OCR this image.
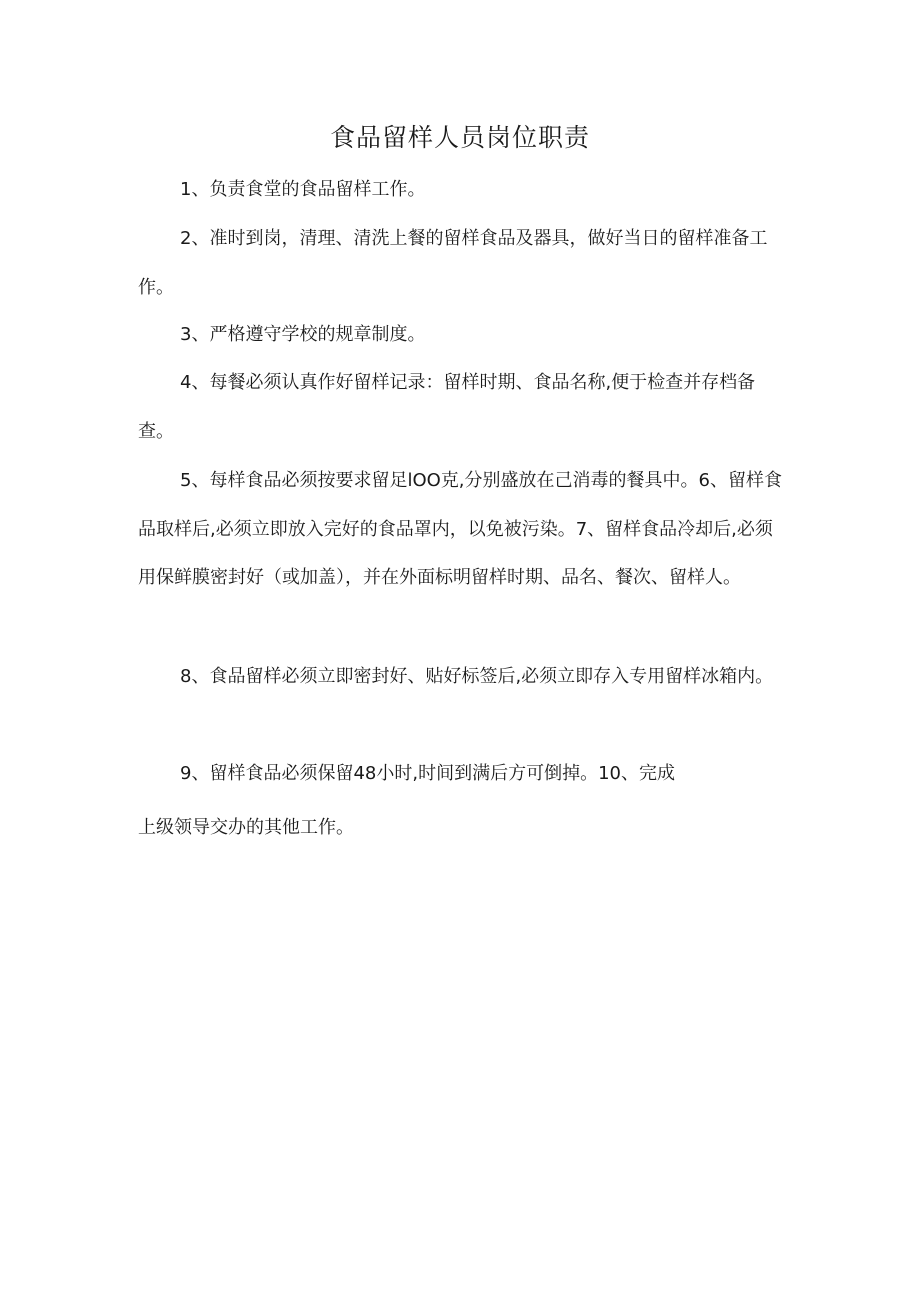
食品留样人员岗位职责

1、负责食堂的食品留样工作。

2、准时到岗，清理、清洗上餐的留样食品及器具，做好当日的留样准备工作。

3、严格遵守学校的规章制度。

4、每餐必须认真作好留样记录：留样时期、食品名称,便于检查并存档备查。

5、每样食品必须按要求留足lOO克,分别盛放在己消毒的餐具中。6、留样食品取样后,必须立即放入完好的食品罩内，以免被污染。7、留样食品冷却后,必须用保鲜膜密封好（或加盖），并在外面标明留样时期、品名、餐次、留样人。

8、食品留样必须立即密封好、贴好标签后,必须立即存入专用留样冰箱内。

9、留样食品必须保留48小时,时间到满后方可倒掉。10、完成

上级领导交办的其他工作。
